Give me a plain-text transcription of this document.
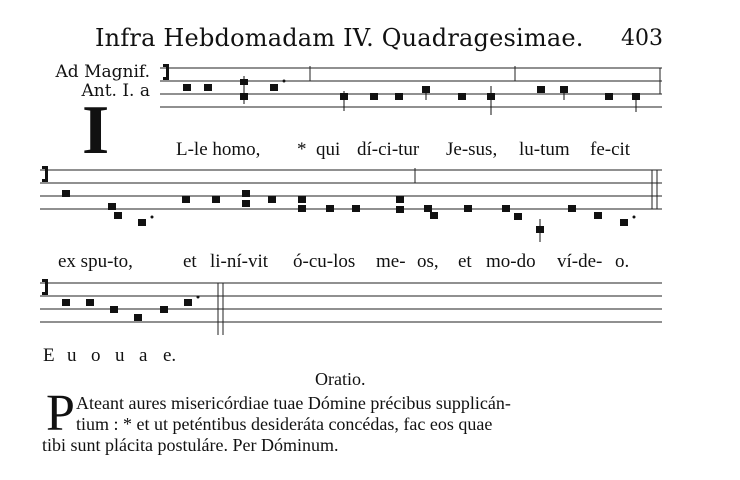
Infra Hebdomadam IV. Quadragesimae. 403
Ad Magnif.
Ant. I. a
I	L-le homo, * qui dí-ci-tur Je-sus, lu-tum fe-cit
ex spu-to,	et li-ní-vit ó-cu-los me- os, et mo-do ví-de- o.
E u o u a e.
Oratio.
P Ateant aures misericórdiae tuae Dómine précibus supplicán-
tium : * et ut peténtibus desideráta concédas, fac eos quae
tibi sunt plácita postuláre. Per Dóminum.
